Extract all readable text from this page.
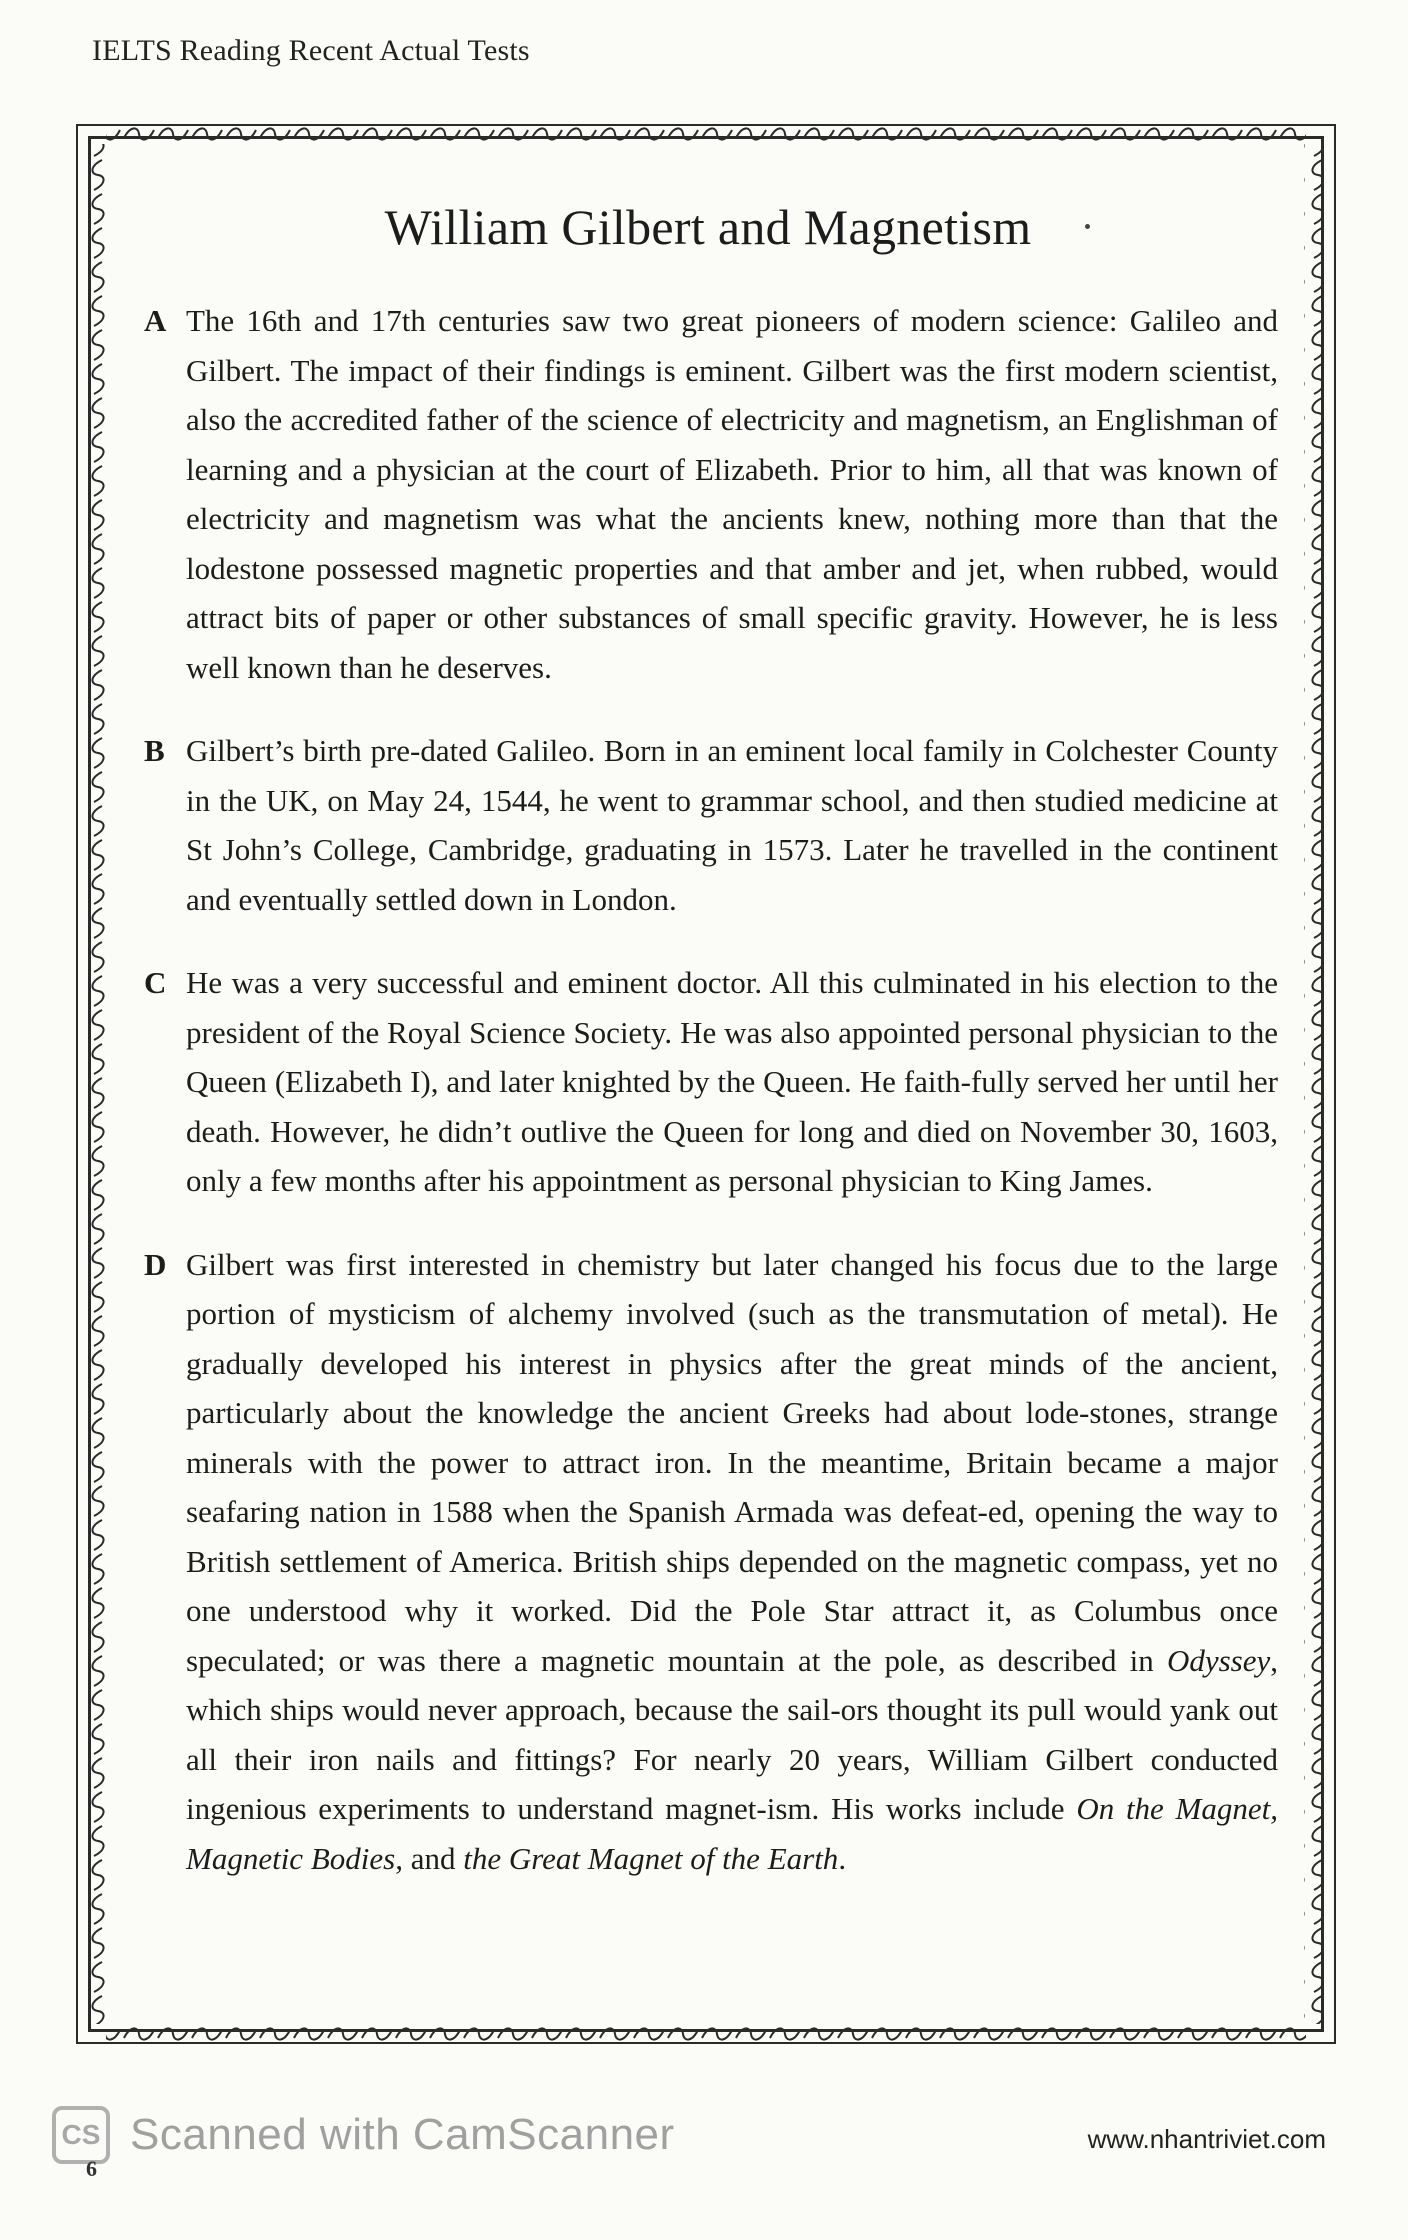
IELTS Reading Recent Actual Tests
William Gilbert and Magnetism
A The 16th and 17th centuries saw two great pioneers of modern science: Galileo and Gilbert. The impact of their findings is eminent. Gilbert was the first modern scientist, also the accredited father of the science of electricity and magnetism, an Englishman of learning and a physician at the court of Elizabeth. Prior to him, all that was known of electricity and magnetism was what the ancients knew, nothing more than that the lodestone possessed magnetic properties and that amber and jet, when rubbed, would attract bits of paper or other substances of small specific gravity. However, he is less well known than he deserves.
B Gilbert’s birth pre-dated Galileo. Born in an eminent local family in Colchester County in the UK, on May 24, 1544, he went to grammar school, and then studied medicine at St John’s College, Cambridge, graduating in 1573. Later he travelled in the continent and eventually settled down in London.
C He was a very successful and eminent doctor. All this culminated in his election to the president of the Royal Science Society. He was also appointed personal physician to the Queen (Elizabeth I), and later knighted by the Queen. He faith-fully served her until her death. However, he didn’t outlive the Queen for long and died on November 30, 1603, only a few months after his appointment as personal physician to King James.
D Gilbert was first interested in chemistry but later changed his focus due to the large portion of mysticism of alchemy involved (such as the transmutation of metal). He gradually developed his interest in physics after the great minds of the ancient, particularly about the knowledge the ancient Greeks had about lode-stones, strange minerals with the power to attract iron. In the meantime, Britain became a major seafaring nation in 1588 when the Spanish Armada was defeat-ed, opening the way to British settlement of America. British ships depended on the magnetic compass, yet no one understood why it worked. Did the Pole Star attract it, as Columbus once speculated; or was there a magnetic mountain at the pole, as described in Odyssey, which ships would never approach, because the sail-ors thought its pull would yank out all their iron nails and fittings? For nearly 20 years, William Gilbert conducted ingenious experiments to understand magnet-ism. His works include On the Magnet, Magnetic Bodies, and the Great Magnet of the Earth.
CS
6
Scanned with CamScanner	www.nhantriviet.com
